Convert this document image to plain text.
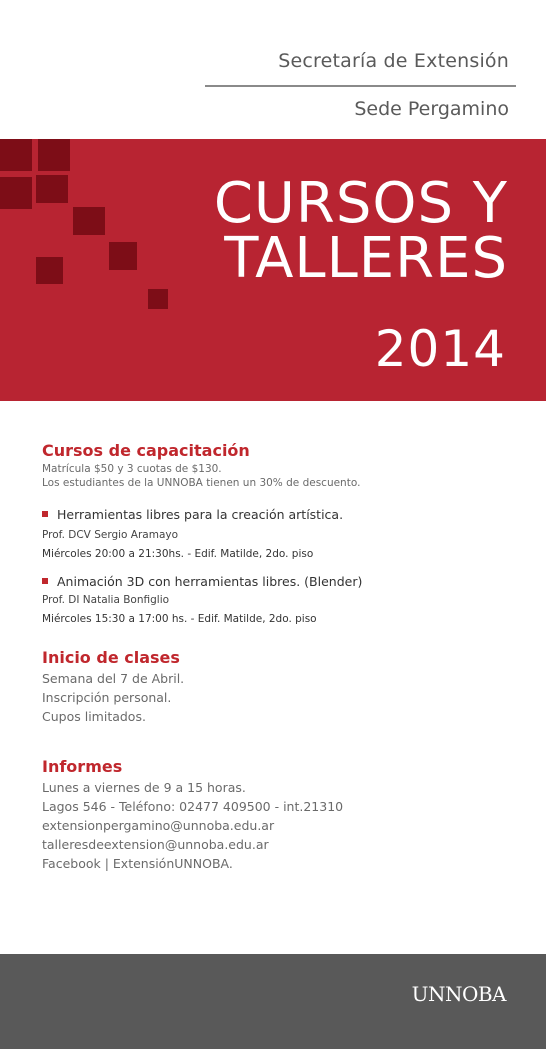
Secretaría de Extensión
Sede Pergamino
CURSOS Y
TALLERES
2014
Cursos de capacitación
Matrícula $50 y 3 cuotas de $130.
Los estudiantes de la UNNOBA tienen un 30% de descuento.
Herramientas libres para la creación artística.
Prof. DCV Sergio Aramayo
Miércoles 20:00 a 21:30hs. - Edif. Matilde, 2do. piso
Animación 3D con herramientas libres. (Blender)
Prof. DI Natalia Bonfiglio
Miércoles 15:30 a 17:00 hs. - Edif. Matilde, 2do. piso
Inicio de clases
Semana del 7 de Abril.
Inscripción personal.
Cupos limitados.
Informes
Lunes a viernes de 9 a 15 horas.
Lagos 546 - Teléfono: 02477 409500 - int.21310
extensionpergamino@unnoba.edu.ar
talleresdeextension@unnoba.edu.ar
Facebook | ExtensiónUNNOBA.
UNNOBA
